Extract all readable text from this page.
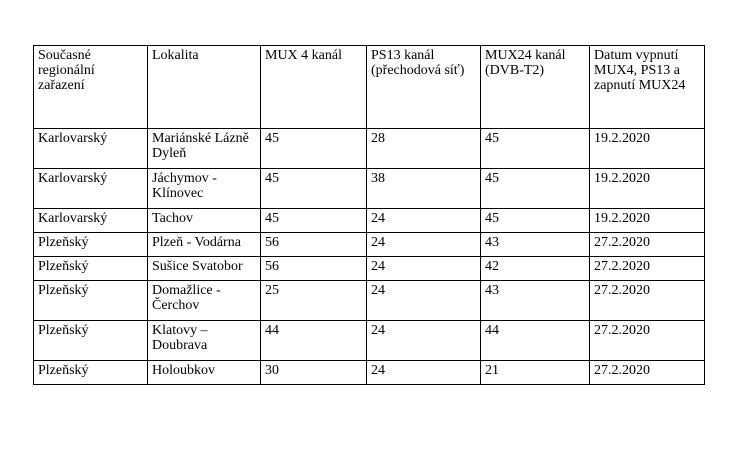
Současné regionální zařazení	Lokalita	MUX 4 kanál	PS13 kanál (přechodová síť)	MUX24 kanál (DVB-T2)	Datum vypnutí MUX4, PS13 a zapnutí MUX24
Karlovarský	Mariánské Lázně Dyleň	45	28	45	19.2.2020
Karlovarský	Jáchymov - Klínovec	45	38	45	19.2.2020
Karlovarský	Tachov	45	24	45	19.2.2020
Plzeňský	Plzeň - Vodárna	56	24	43	27.2.2020
Plzeňský	Sušice Svatobor	56	24	42	27.2.2020
Plzeňský	Domažlice - Čerchov	25	24	43	27.2.2020
Plzeňský	Klatovy – Doubrava	44	24	44	27.2.2020
Plzeňský	Holoubkov	30	24	21	27.2.2020
